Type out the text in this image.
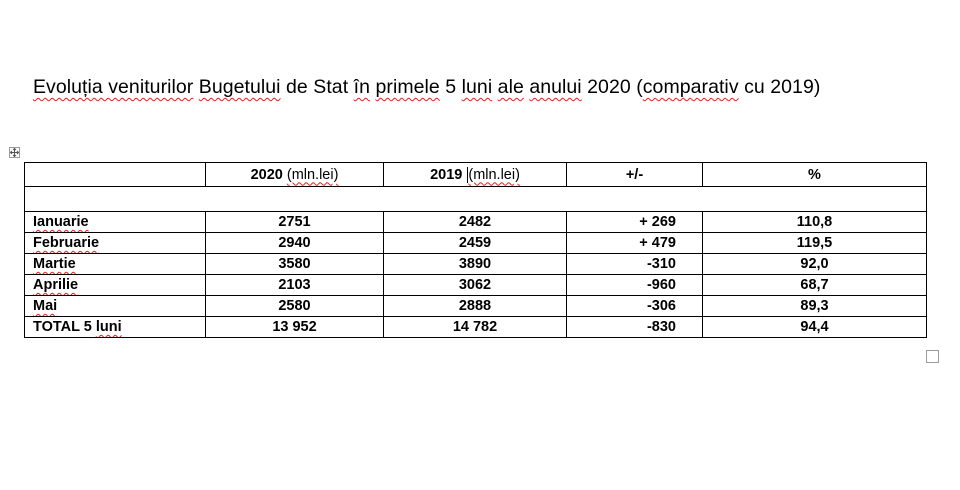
Evoluția veniturilor Bugetului de Stat în primele 5 luni ale anului 2020 (comparativ cu 2019)
	2020 (mln.lei)	2019 (mln.lei)	+/-	%

Ianuarie	2751	2482	+ 269	110,8
Februarie	2940	2459	+ 479	119,5
Martie	3580	3890	-310	92,0
Aprilie	2103	3062	-960	68,7
Mai	2580	2888	-306	89,3
TOTAL 5 luni	13 952	14 782	-830	94,4
